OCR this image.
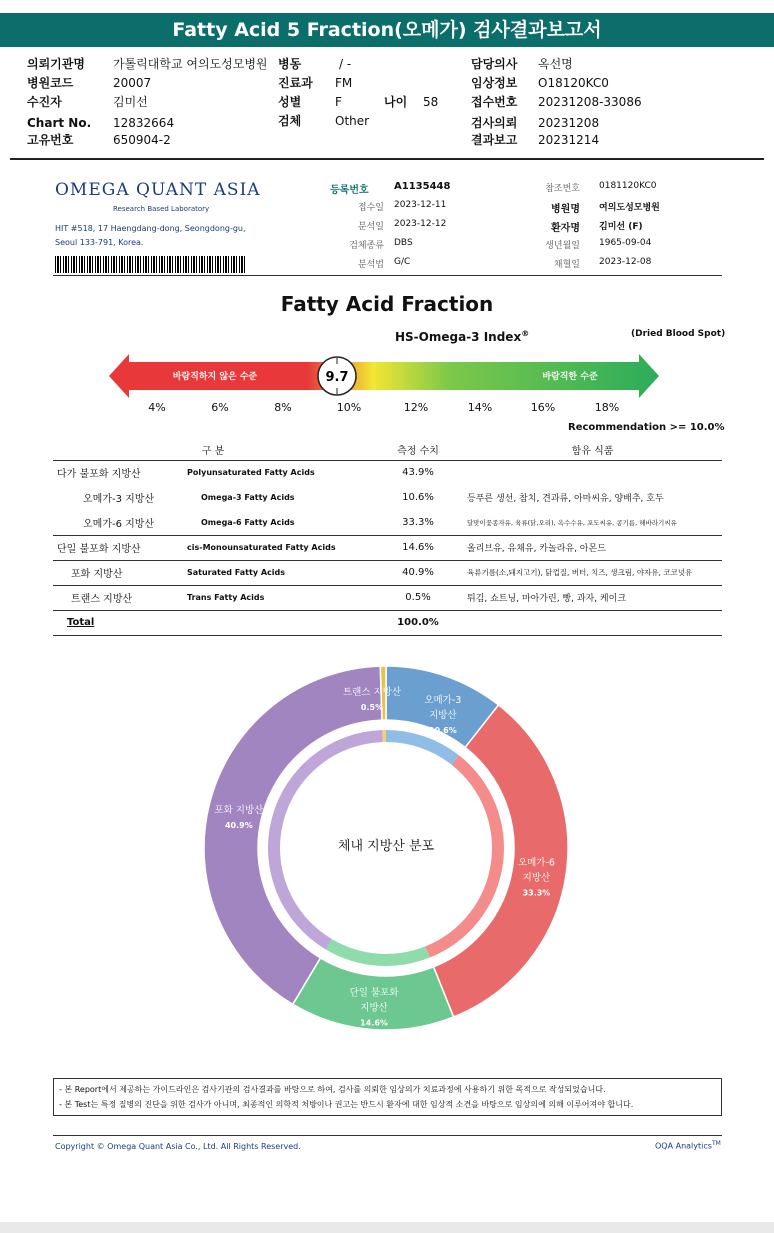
Fatty Acid 5 Fraction(오메가) 검사결과보고서
의뢰기관명 가톨릭대학교 여의도성모병원 병동	/ -	담당의사 옥선명
병원코드	20007	진료과 FM	임상정보 O18120KC0
수진자	김미선	성별	F	나이 58	접수번호 20231208-33086
Chart No. 12832664	검체	Other	검사의뢰 20231208
고유번호	650904-2	결과보고 20231214
OMEGA QUANT ASIA
Research Based Laboratory
HIT #518, 17 Haengdang-dong, Seongdong-gu, Seoul 133-791, Korea.
등록번호	A1135448
접수일 2023-12-11
분석일 2023-12-12
검체종류 DBS
분석법 G/C
참조번호 0181120KC0
병원명 여의도성모병원
환자명 김미선 (F)
생년월일 1965-09-04
채혈일 2023-12-08
Fatty Acid Fraction
HS-Omega-3 Index®	(Dried Blood Spot)
바람직하지 않은 수준	바람직한 수준
9.7
4%	6%	8%	10%	12%	14%	16%	18%
Recommendation >= 10.0%
구 분		측정 수치	함유 식품
다가 불포화 지방산	Polyunsaturated Fatty Acids	43.9%	
오메가-3 지방산	Omega-3 Fatty Acids	10.6%	등푸른 생선, 참치, 견과류, 아마씨유, 양배추, 호두
오메가-6 지방산	Omega-6 Fatty Acids	33.3%	달맞이꽃종자유, 육류(닭,오리), 옥수수유, 포도씨유, 콩기름, 해바라기씨유
단일 불포화 지방산	cis-Monounsaturated Fatty Acids	14.6%	올리브유, 유채유, 카놀라유, 아몬드
포화 지방산	Saturated Fatty Acids	40.9%	육류기름(소,돼지고기), 닭껍질, 버터, 치즈, 생크림, 야자유, 코코넛유
트랜스 지방산	Trans Fatty Acids	0.5%	튀김, 쇼트닝, 마아가린, 빵, 과자, 케이크
Total		100.0%	
오메가-3
지방산
10.6%
오메가-6
지방산
33.3%
단일 불포화
지방산
14.6%
포화 지방산
40.9%
트랜스 지방산
0.5%
체내 지방산 분포
- 본 Report에서 제공하는 가이드라인은 검사기관의 검사결과를 바탕으로 하여, 검사를 의뢰한 임상의가 치료과정에 사용하기 위한 목적으로 작성되었습니다.
- 본 Test는 특정 질병의 진단을 위한 검사가 아니며, 최종적인 의학적 처방이나 권고는 반드시 환자에 대한 임상적 소견을 바탕으로 임상의에 의해 이루어져야 합니다.
Copyright © Omega Quant Asia Co., Ltd. All Rights Reserved.	OQA Analytics™
